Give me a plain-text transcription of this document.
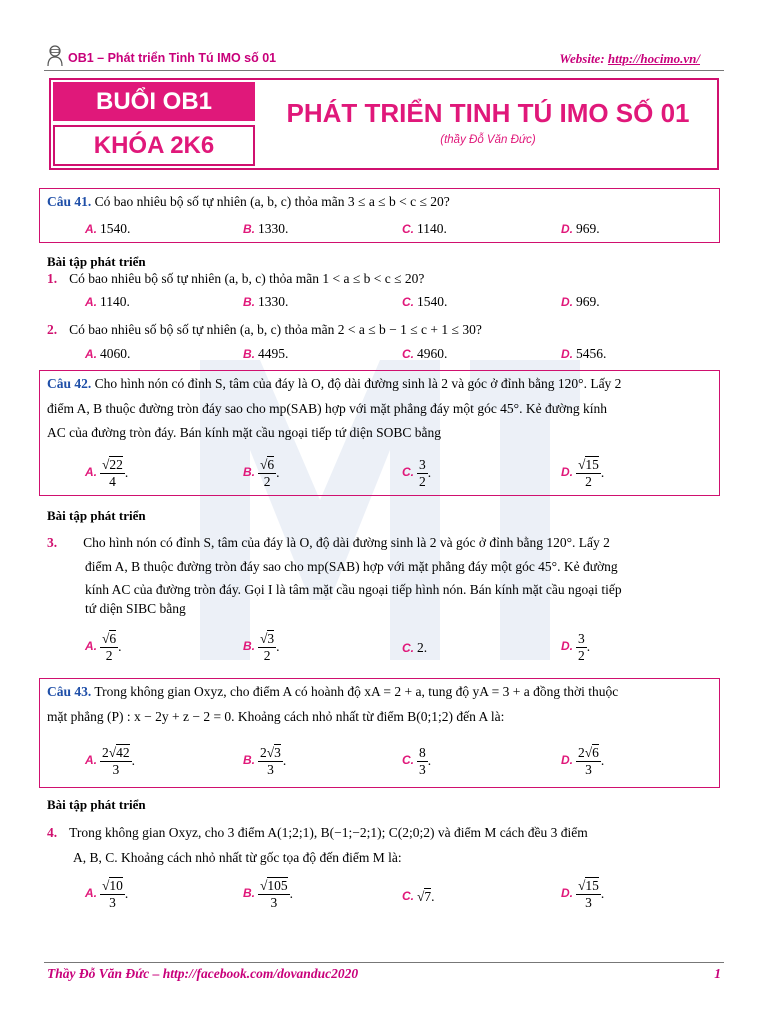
OB1 – Phát triển Tinh Tú IMO số 01	Website: http://hocimo.vn/
BUỔI OB1
KHÓA 2K6
PHÁT TRIỂN TINH TÚ IMO SỐ 01
(thầy Đỗ Văn Đức)
Câu 41. Có bao nhiêu bộ số tự nhiên (a, b, c) thỏa mãn 3 ≤ a ≤ b < c ≤ 20?
A. 1540.	B. 1330.	C. 1140.	D. 969.
Bài tập phát triển
1. Có bao nhiêu bộ số tự nhiên (a, b, c) thỏa mãn 1 < a ≤ b < c ≤ 20?
A. 1140.	B. 1330.	C. 1540.	D. 969.
2. Có bao nhiêu số bộ số tự nhiên (a, b, c) thỏa mãn 2 < a ≤ b − 1 ≤ c + 1 ≤ 30?
A. 4060.	B. 4495.	C. 4960.	D. 5456.
Câu 42. Cho hình nón có đỉnh S, tâm của đáy là O, độ dài đường sinh là 2 và góc ở đỉnh bằng 120°. Lấy 2
điểm A, B thuộc đường tròn đáy sao cho mp(SAB) hợp với mặt phẳng đáy một góc 45°. Kẻ đường kính
AC của đường tròn đáy. Bán kính mặt cầu ngoại tiếp tứ diện SOBC bằng
A. $\frac{√22}{4}$ .	B. $\frac{√6}{2}$ .	C. $\frac{3}{2}$ .	D. $\frac{√15}{2}$ .
Bài tập phát triển
3. Cho hình nón có đỉnh S, tâm của đáy là O, độ dài đường sinh là 2 và góc ở đỉnh bằng 120°. Lấy 2
điểm A, B thuộc đường tròn đáy sao cho mp(SAB) hợp với mặt phẳng đáy một góc 45°. Kẻ đường
kính AC của đường tròn đáy. Gọi I là tâm mặt cầu ngoại tiếp hình nón. Bán kính mặt cầu ngoại tiếp
tứ diện SIBC bằng
A. $\frac{√6}{2}$ .	B. $\frac{√3}{2}$ .	C. 2.	D. $\frac{3}{2}$ .
Câu 43. Trong không gian Oxyz, cho điểm A có hoành độ xA = 2 + a, tung độ yA = 3 + a đồng thời thuộc
mặt phẳng (P) : x − 2y + z − 2 = 0. Khoảng cách nhỏ nhất từ điểm B(0;1;2) đến A là:
A. $\frac{2√42}{3}$ .	B. $\frac{2√3}{3}$ .	C. $\frac{8}{3}$ .	D. $\frac{2√6}{3}$ .
Bài tập phát triển
4. Trong không gian Oxyz, cho 3 điểm A(1;2;1), B(−1;−2;1); C(2;0;2) và điểm M cách đều 3 điểm
A, B, C. Khoảng cách nhỏ nhất từ gốc tọa độ đến điểm M là:
A. $\frac{√10}{3}$ .	B. $\frac{√105}{3}$ .	C. √7 .	D. $\frac{√15}{3}$ .
Thầy Đỗ Văn Đức – http://facebook.com/dovanduc2020	1
